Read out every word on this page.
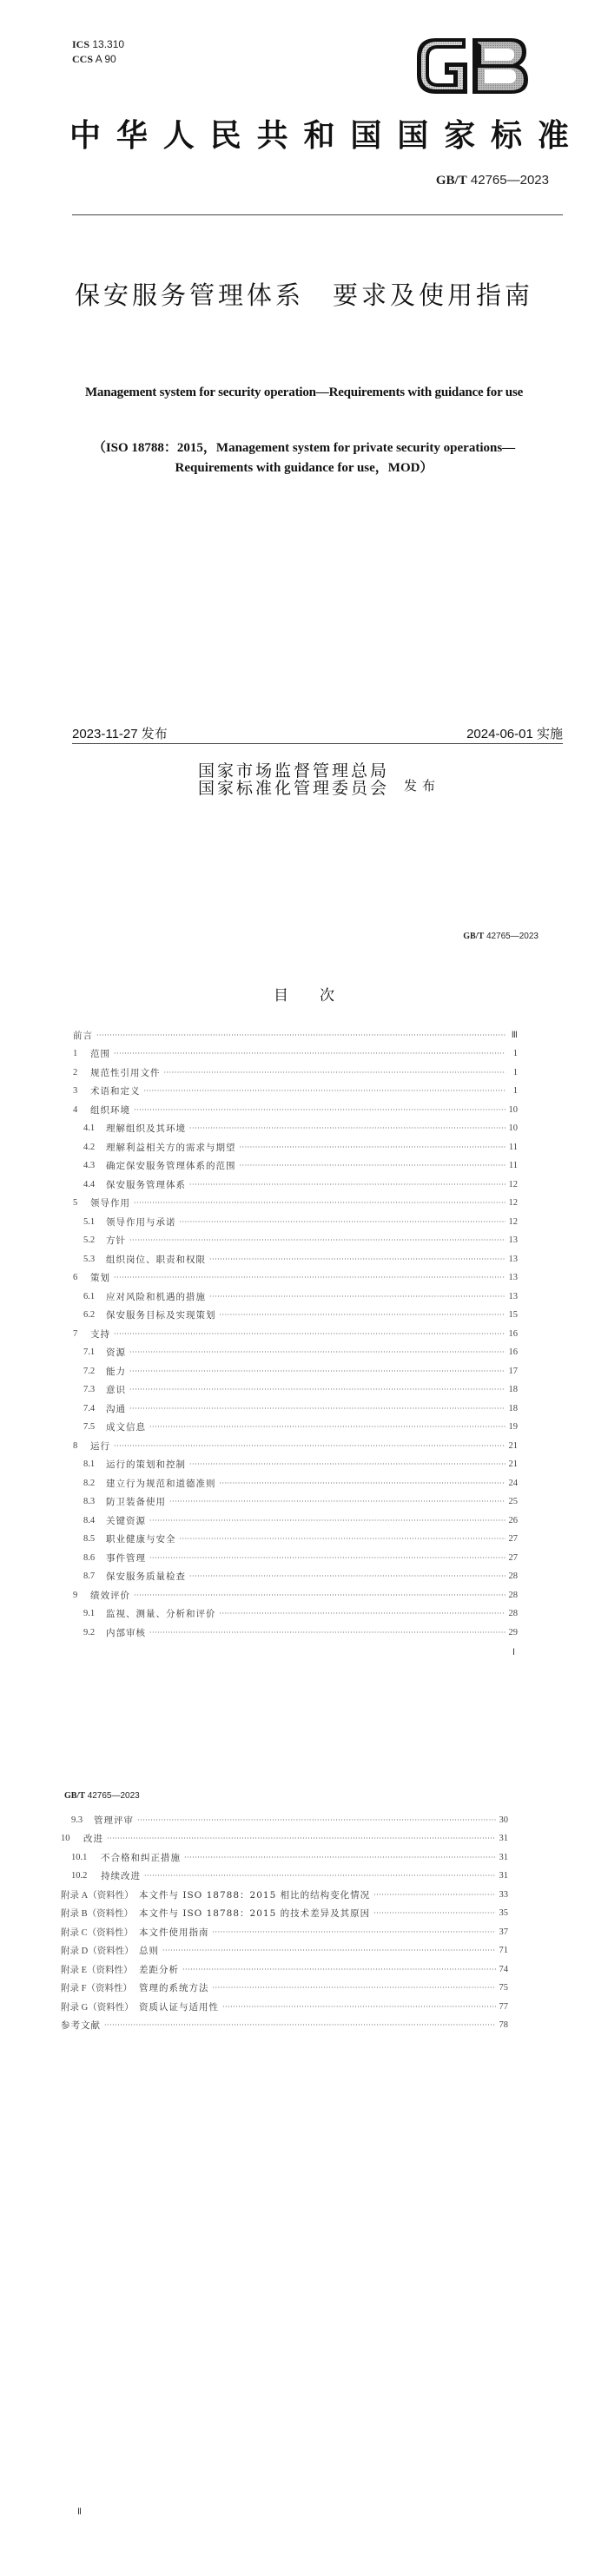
ICS 13.310
CCS A 90
中 华 人 民 共 和 国 国 家 标 准
GB/T 42765—2023
保安服务管理体系　要求及使用指南
Management system for security operation—Requirements with guidance for use
（ISO 18788：2015，Management system for private security operations—
Requirements with guidance for use，MOD）
2023-11-27 发布	2024-06-01 实施
国家市场监督管理总局
国家标准化管理委员会 发布
GB/T 42765—2023
目 次
前言 ·····	Ⅲ
1	范围 ·····	1
2	规范性引用文件 ·····	1
3	术语和定义 ·····	1
4	组织环境 ·····	10
4.1	理解组织及其环境 ·····	10
4.2	理解利益相关方的需求与期望 ·····	11
4.3	确定保安服务管理体系的范围 ·····	11
4.4	保安服务管理体系 ·····	12
5	领导作用 ·····	12
5.1	领导作用与承诺 ·····	12
5.2	方针 ·····	13
5.3	组织岗位、职责和权限 ·····	13
6	策划 ·····	13
6.1	应对风险和机遇的措施 ·····	13
6.2	保安服务目标及实现策划 ·····	15
7	支持 ·····	16
7.1	资源 ·····	16
7.2	能力 ·····	17
7.3	意识 ·····	18
7.4	沟通 ·····	18
7.5	成文信息 ·····	19
8	运行 ·····	21
8.1	运行的策划和控制 ·····	21
8.2	建立行为规范和道德准则 ·····	24
8.3	防卫装备使用 ·····	25
8.4	关键资源 ·····	26
8.5	职业健康与安全 ·····	27
8.6	事件管理 ·····	27
8.7	保安服务质量检查 ·····	28
9	绩效评价 ·····	28
9.1	监视、测量、分析和评价 ·····	28
9.2	内部审核 ·····	29
Ⅰ
GB/T 42765—2023
9.3	管理评审 ·····	30
10	改进 ·····	31
10.1	不合格和纠正措施 ·····	31
10.2	持续改进 ·····	31
附录 A（资料性） 本文件与 ISO 18788：2015 相比的结构变化情况 ·····	33
附录 B（资料性） 本文件与 ISO 18788：2015 的技术差异及其原因 ·····	35
附录 C（资料性） 本文件使用指南 ·····	37
附录 D（资料性） 总则 ·····	71
附录 E（资料性） 差距分析 ·····	74
附录 F（资料性） 管理的系统方法 ·····	75
附录 G（资料性） 资质认证与适用性 ·····	77
参考文献 ·····	78
Ⅱ
